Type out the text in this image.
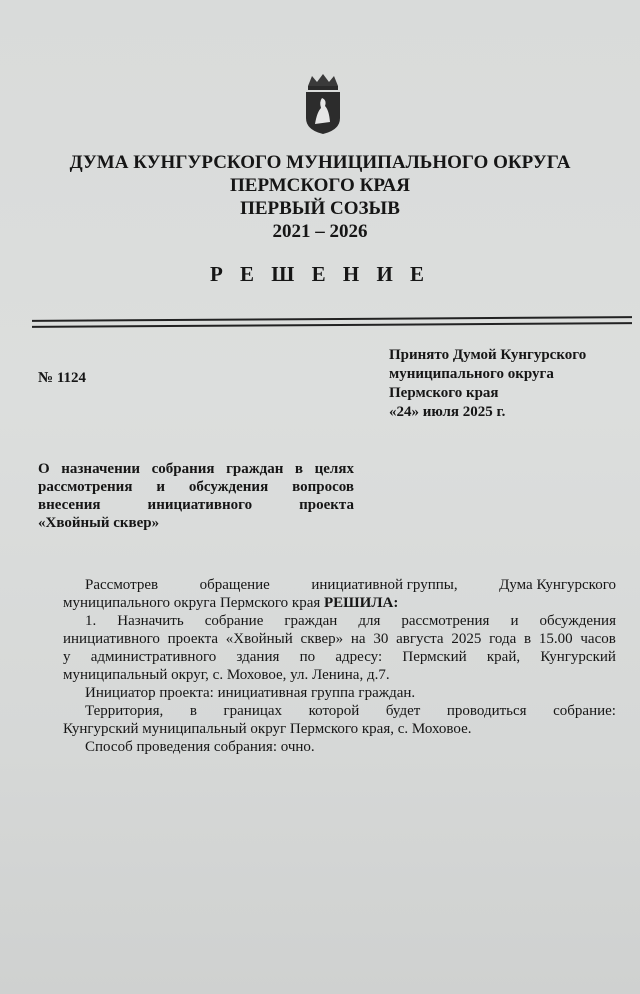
ДУМА КУНГУРСКОГО МУНИЦИПАЛЬНОГО ОКРУГА
ПЕРМСКОГО КРАЯ
ПЕРВЫЙ СОЗЫВ
2021 – 2026
Р Е Ш Е Н И Е
№ 1124
Принято Думой Кунгурского
муниципального округа
Пермского края
«24» июля 2025 г.
О назначении собрания граждан в целях
рассмотрения и обсуждения вопросов
внесения	инициативного	проекта
«Хвойный сквер»
Рассмотрев	обращение	инициативной группы,	Дума Кунгурского
муниципального округа Пермского края РЕШИЛА:
1. Назначить собрание граждан для рассмотрения и обсуждения
инициативного проекта «Хвойный сквер» на 30 августа 2025 года в 15.00 часов
у административного здания по адресу: Пермский край, Кунгурский
муниципальный округ, с. Моховое, ул. Ленина, д.7.
Инициатор проекта: инициативная группа граждан.
Территория, в границах которой будет проводиться собрание:
Кунгурский муниципальный округ Пермского края, с. Моховое.
Способ проведения собрания: очно.
